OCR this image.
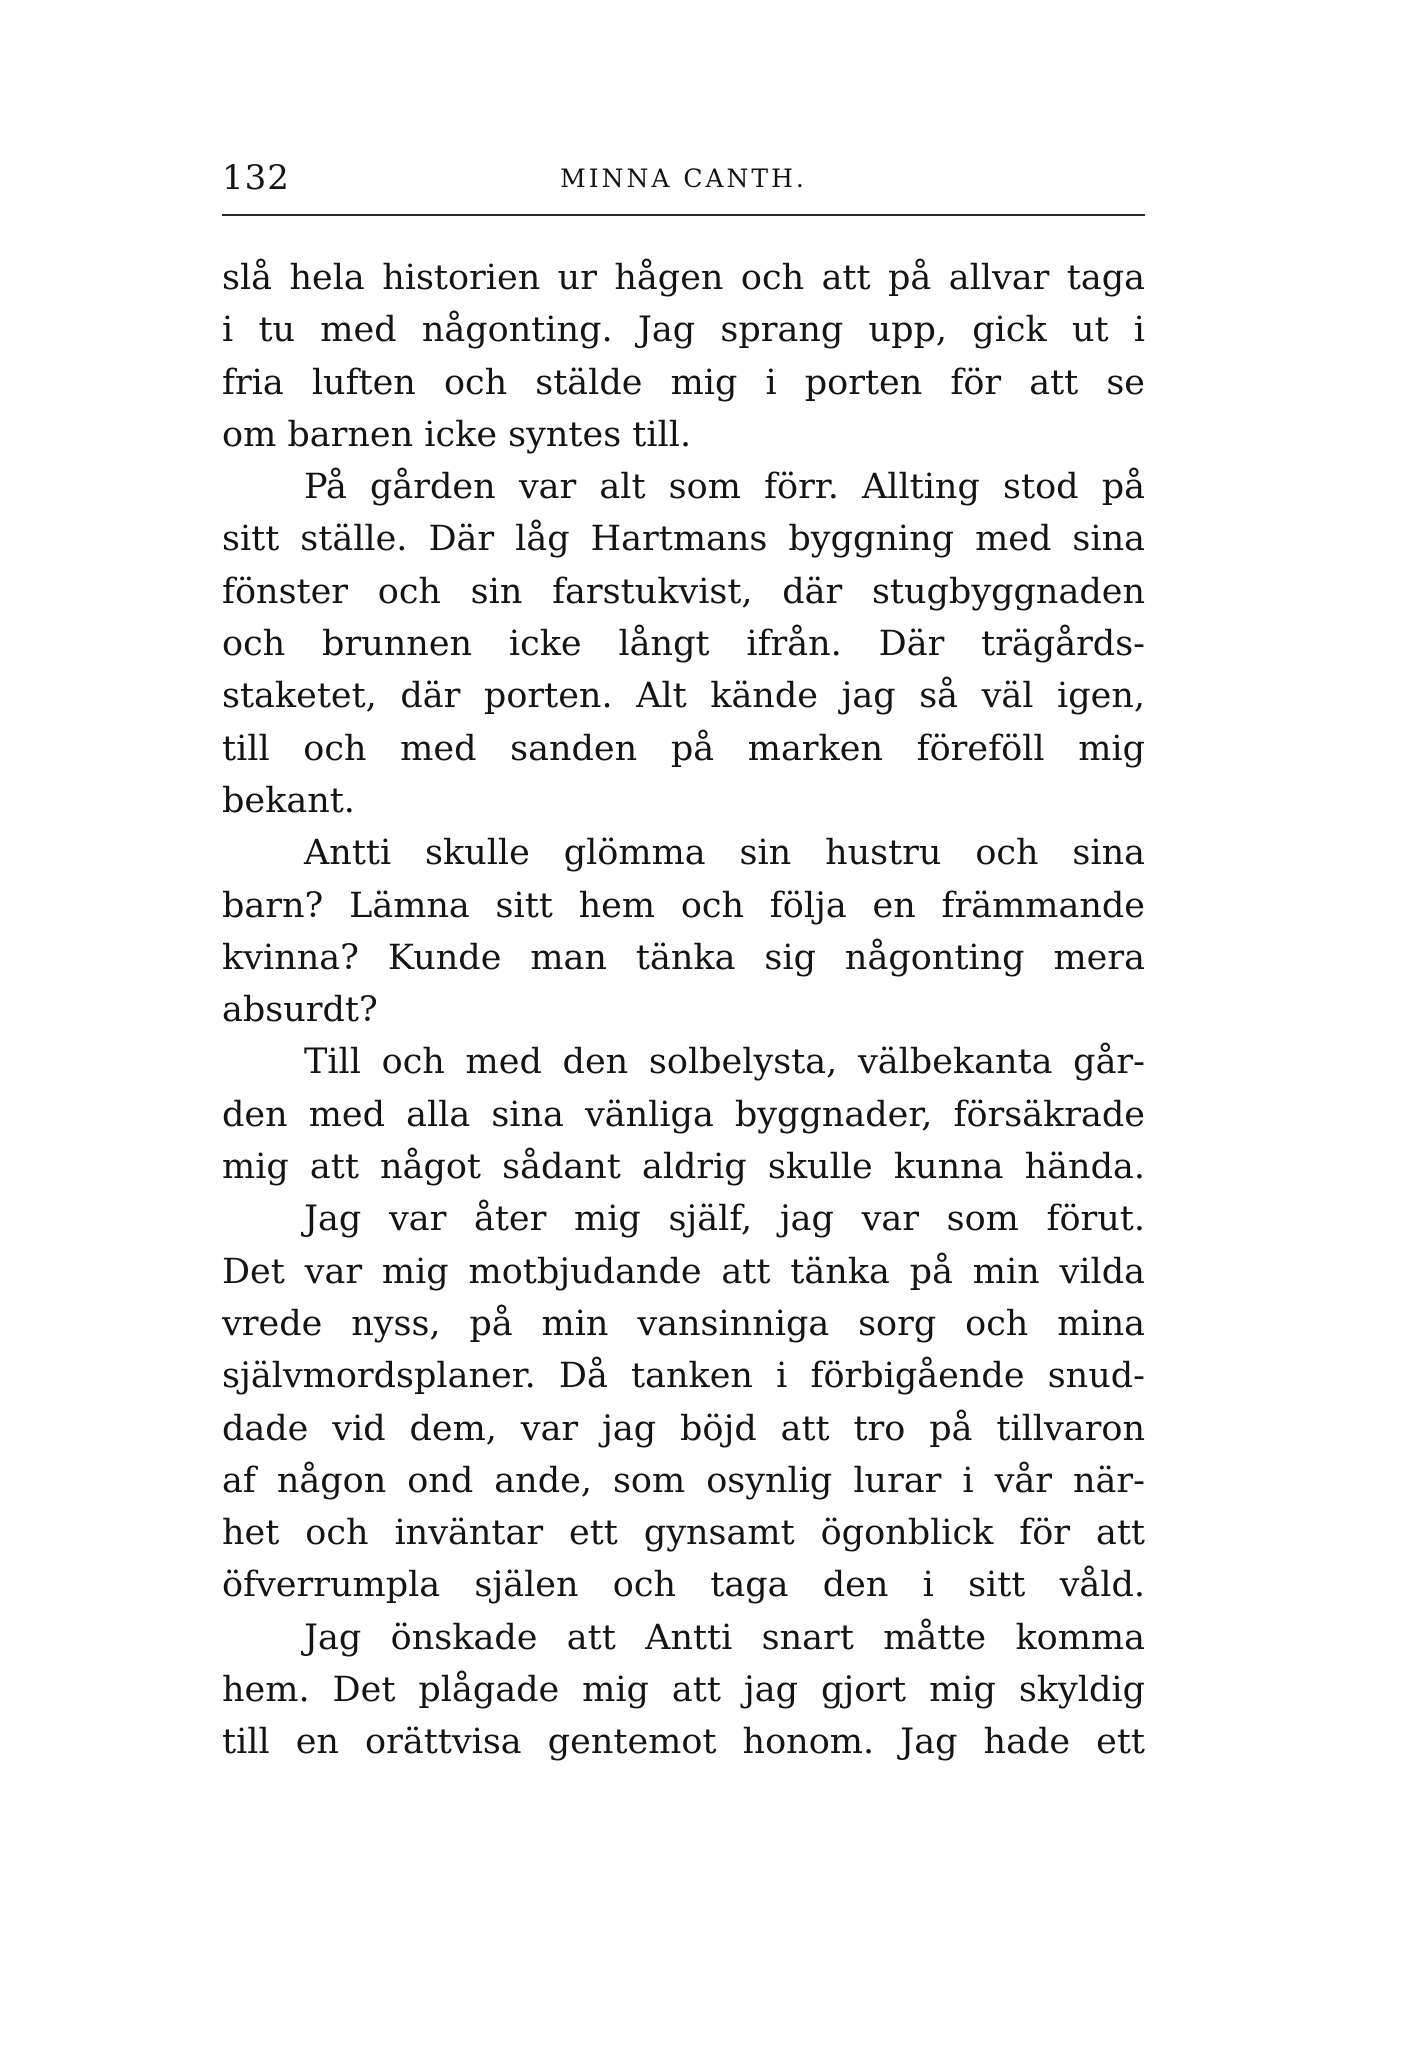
132	MINNA CANTH.
slå hela historien ur hågen och att på allvar taga
i tu med någonting. Jag sprang upp, gick ut i
fria luften och stälde mig i porten för att se
om barnen icke syntes till.
På gården var alt som förr. Allting stod på
sitt ställe. Där låg Hartmans byggning med sina
fönster och sin farstukvist, där stugbyggnaden
och brunnen icke långt ifrån. Där trägårds-
staketet, där porten. Alt kände jag så väl igen,
till och med sanden på marken föreföll mig
bekant.
Antti skulle glömma sin hustru och sina
barn? Lämna sitt hem och följa en främmande
kvinna? Kunde man tänka sig någonting mera
absurdt?
Till och med den solbelysta, välbekanta går-
den med alla sina vänliga byggnader, försäkrade
mig att något sådant aldrig skulle kunna hända.
Jag var åter mig själf, jag var som förut.
Det var mig motbjudande att tänka på min vilda
vrede nyss, på min vansinniga sorg och mina
självmordsplaner. Då tanken i förbigående snud-
dade vid dem, var jag böjd att tro på tillvaron
af någon ond ande, som osynlig lurar i vår när-
het och inväntar ett gynsamt ögonblick för att
öfverrumpla själen och taga den i sitt våld.
Jag önskade att Antti snart måtte komma
hem. Det plågade mig att jag gjort mig skyldig
till en orättvisa gentemot honom. Jag hade ett
